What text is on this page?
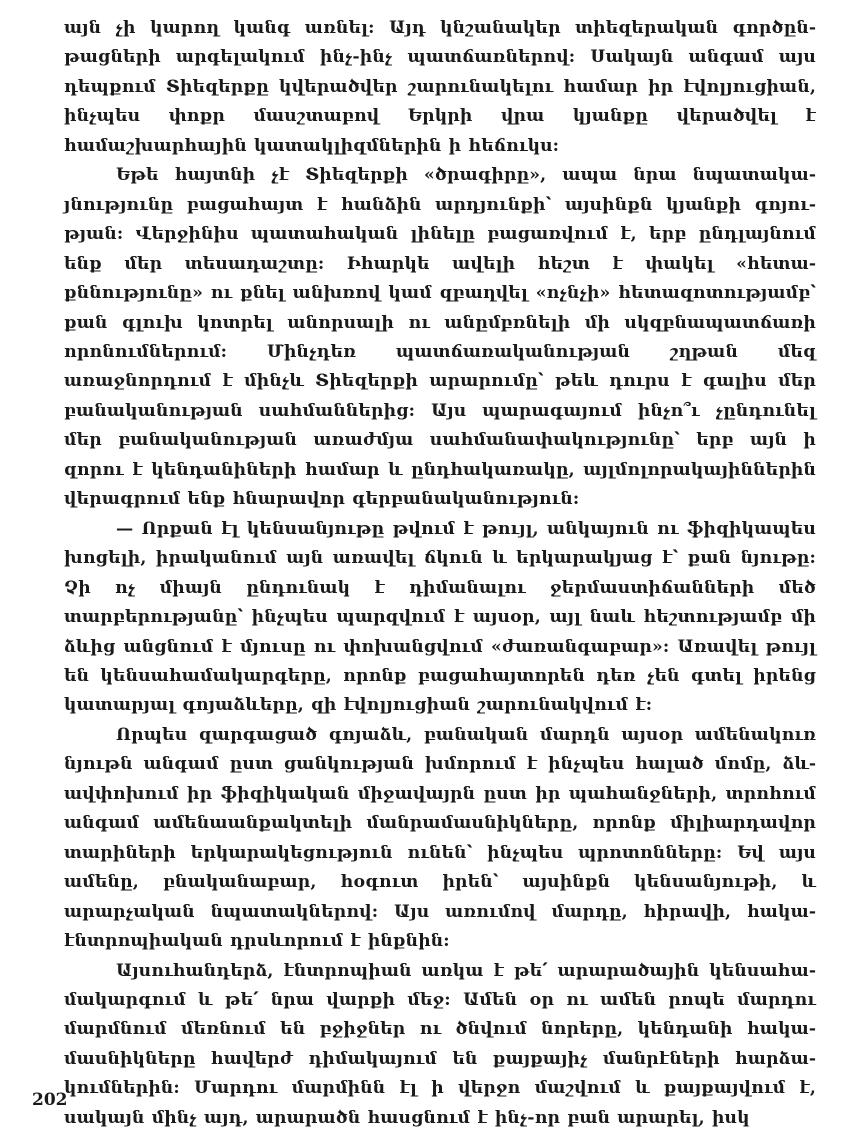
այն չի կարող կանգ առնել: Այդ կնշանակեր տիեզերական գործընթացների արգելակում ինչ-ինչ պատճառներով: Սակայն անգամ այս դեպքում Տիեզերքը կվերածվեր շարունակելու համար իր էվոլյուցիան, ինչպես փոքր մասշտաբով Երկրի վրա կյանքը վերածվել է համաշխարհային կատակլիզմներին ի հեճուկս:

Եթե հայտնի չէ Տիեզերքի «ծրագիրը», ապա նրա նպատակայնությունը բացահայտ է հանձին արդյունքի՝ այսինքն կյանքի գոյության: Վերջինիս պատահական լինելը բացառվում է, երբ ընդլայնում ենք մեր տեսադաշտը: Իհարկե ավելի հեշտ է փակել «հետաքննությունը» ու քնել անխռով կամ զբաղվել «ոչնչի» հետազոտությամբ՝ քան գլուխ կոտրել անորսալի ու անըմբռնելի մի սկզբնապատճառի որոնումներում: Մինչդեռ պատճառականության շղթան մեզ առաջնորդում է մինչև Տիեզերքի արարումը՝ թեև դուրս է գալիս մեր բանականության սահմաններից: Այս պարագայում ինչո՞ւ չընդունել մեր բանականության առաժմյա սահմանափակությունը՝ երբ այն ի զորու է կենդանիների համար և ընդհակառակը, այլմոլորակայիններին վերագրում ենք հնարավոր գերբանականություն:

— Որքան էլ կենսանյութը թվում է թույլ, անկայուն ու ֆիզիկապես խոցելի, իրականում այն առավել ճկուն և երկարակյաց է՝ քան նյութը: Չի ոչ միայն ընդունակ է դիմանալու ջերմաստիճանների մեծ տարբերությանը՝ ինչպես պարզվում է այսօր, այլ նաև հեշտությամբ մի ձևից անցնում է մյուսը ու փոխանցվում «ժառանգաբար»: Առավել թույլ են կենսահամակարգերը, որոնք բացահայտորեն դեռ չեն գտել իրենց կատարյալ գոյաձևերը, զի էվոլյուցիան շարունակվում է:

Որպես զարգացած գոյաձև, բանական մարդն այսօր ամենակուռ նյութն անգամ ըստ ցանկության խմորում է ինչպես հալած մոմը, ձևավփոխում իր ֆիզիկական միջավայրն ըստ իր պահանջների, տրոհում անգամ ամենաանքակտելի մանրամասնիկները, որոնք միլիարդավոր տարիների երկարակեցություն ունեն՝ ինչպես պրոտոնները: Եվ այս ամենը, բնականաբար, հօգուտ իրեն՝ այսինքն կենսանյութի, և արարչական նպատակներով: Այս առումով մարդը, հիրավի, հակաէնտրոպիական դրսևորում է ինքնին:

Այսուհանդերձ, էնտրոպիան առկա է թե՛ արարածային կենսահամակարգում և թե՛ նրա վարքի մեջ: Ամեն օր ու ամեն րոպե մարդու մարմնում մեռնում են բջիջներ ու ծնվում նորերը, կենդանի հակամասնիկները հավերժ դիմակայում են քայքայիչ մանրէների հարձակումներին: Մարդու մարմինն էլ ի վերջո մաշվում և քայքայվում է, սակայն մինչ այդ, արարածն հասցնում է ինչ-որ բան արարել, իսկ

202
